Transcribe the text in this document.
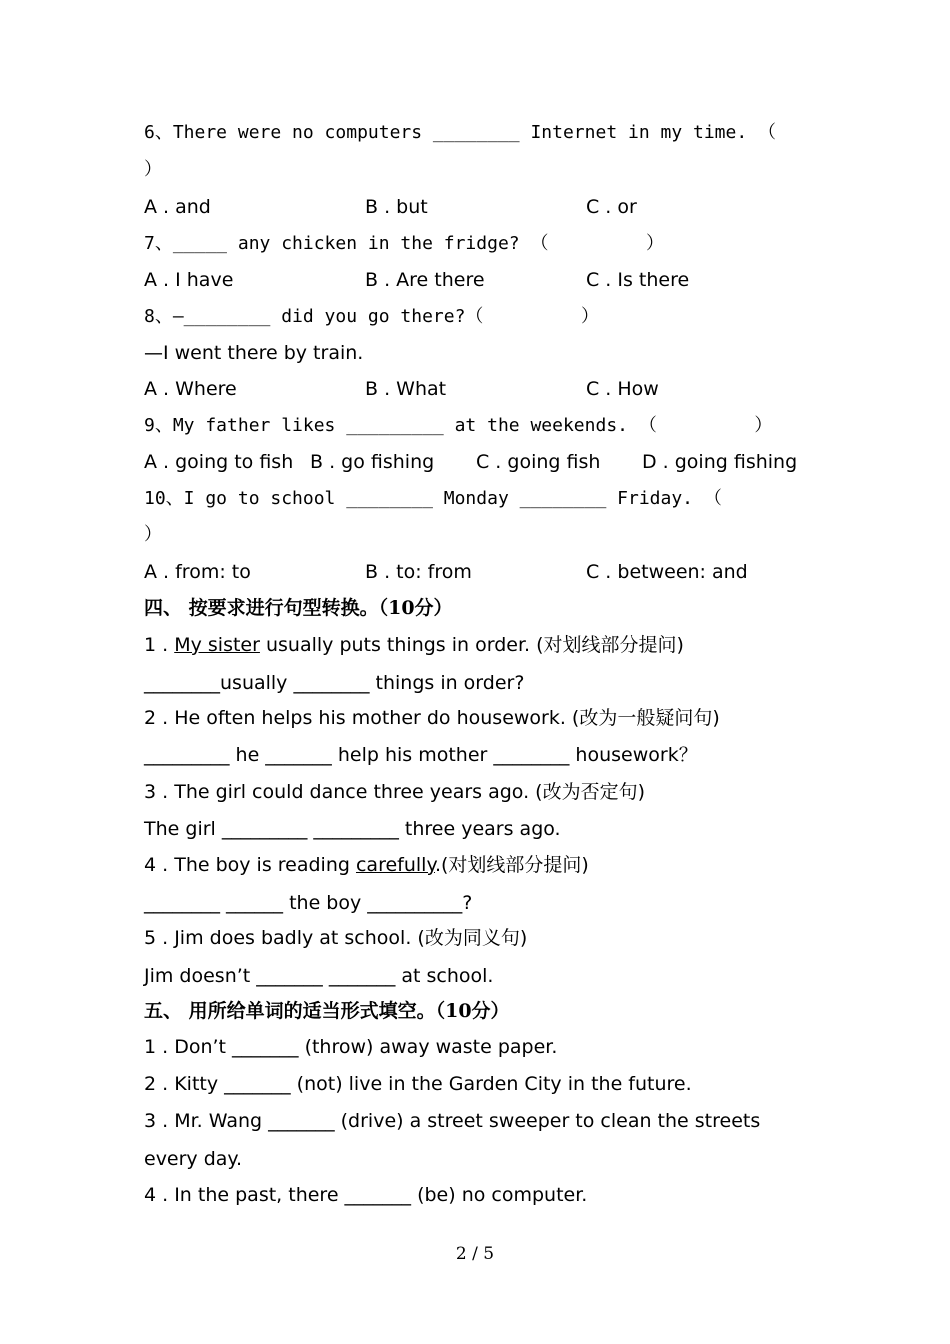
6、There were no computers ________ Internet in my time. （
）
A . and	B . but	C . or
7、_____ any chicken in the fridge? （         ）
A . I have	B . Are there	C . Is there
8、—________ did you go there?（         ）
—I went there by train.
A . Where	B . What	C . How
9、My father likes _________ at the weekends. （         ）
A . going to fish B . go fishing C . going fish D . going fishing
10、I go to school ________ Monday ________ Friday. （
）
A . from: to	B . to: from	C . between: and
四、 按要求进行句型转换。（10分）
1 . My sister usually puts things in order. (对划线部分提问)
________usually ________ things in order?
2 . He often helps his mother do housework. (改为一般疑问句)
_________ he _______ help his mother ________ housework？
3 . The girl could dance three years ago. (改为否定句)
The girl _________ _________ three years ago.
4 . The boy is reading carefully.(对划线部分提问)
________ ______ the boy __________?
5 . Jim does badly at school. (改为同义句)
Jim doesn’t _______ _______ at school.
五、 用所给单词的适当形式填空。（10分）
1 . Don’t _______ (throw) away waste paper.
2 . Kitty _______ (not) live in the Garden City in the future.
3 . Mr. Wang _______ (drive) a street sweeper to clean the streets
every day.
4 . In the past, there _______ (be) no computer.
2 / 5
